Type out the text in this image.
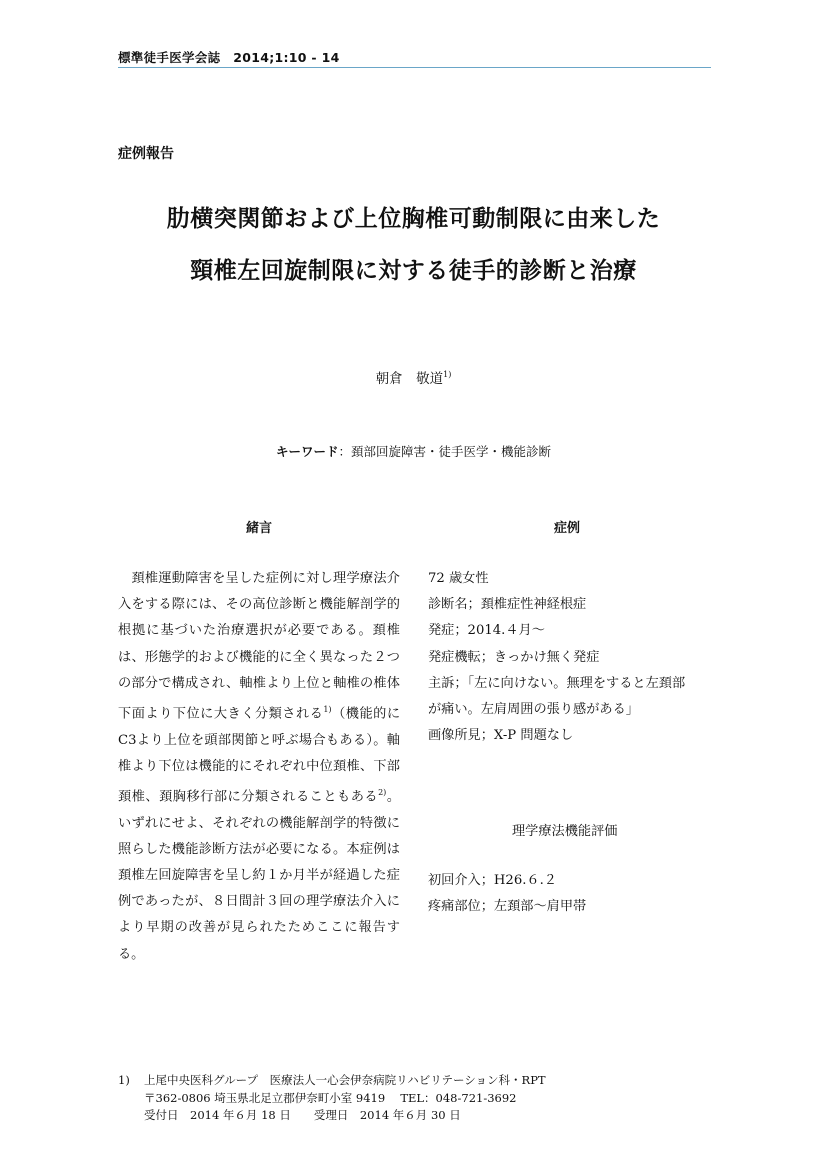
標準徒手医学会誌　2014;1:10 - 14
症例報告
肋横突関節および上位胸椎可動制限に由来した
頸椎左回旋制限に対する徒手的診断と治療
朝倉　敬道$^{1)}$
キーワード：頚部回旋障害・徒手医学・機能診断
緒言	症例
　頚椎運動障害を呈した症例に対し理学療法介入をする際には、その高位診断と機能解剖学的根拠に基づいた治療選択が必要である。頚椎は、形態学的および機能的に全く異なった２つの部分で構成され、軸椎より上位と軸椎の椎体下面より下位に大きく分類される$^{1)}$（機能的にC3より上位を頭部関節と呼ぶ場合もある）。軸椎より下位は機能的にそれぞれ中位頚椎、下部頚椎、頚胸移行部に分類されることもある$^{2)}$。いずれにせよ、それぞれの機能解剖学的特徴に照らした機能診断方法が必要になる。本症例は頚椎左回旋障害を呈し約１か月半が経過した症例であったが、８日間計３回の理学療法介入により早期の改善が見られたためここに報告する。
72 歳女性
診断名；頚椎症性神経根症
発症；2014.４月～
発症機転；きっかけ無く発症
主訴；「左に向けない。無理をすると左頚部
が痛い。左肩周囲の張り感がある」
画像所見；X-P 問題なし
理学療法機能評価
初回介入；H26.６.２
疼痛部位；左頚部～肩甲帯
1) 上尾中央医科グループ　医療法人一心会伊奈病院リハビリテーション科・RPT
〒362-0806 埼玉県北足立郡伊奈町小室 9419　 TEL：048-721-3692
受付日　2014 年６月 18 日　　受理日　2014 年６月 30 日
